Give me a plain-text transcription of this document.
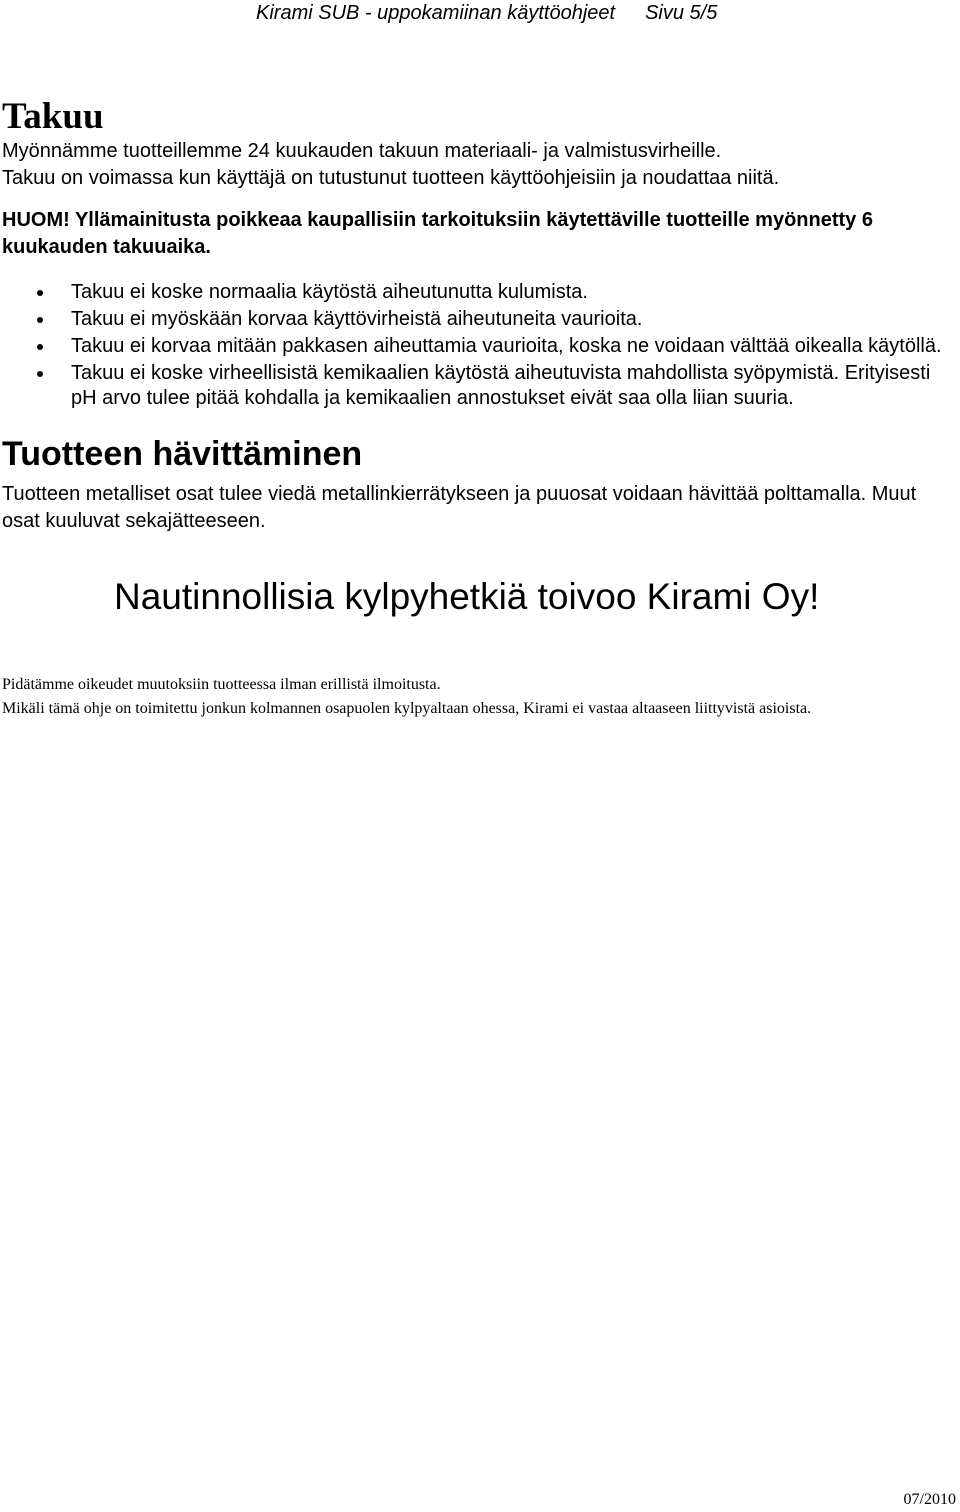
Kirami SUB - uppokamiinan käyttöohjeet Sivu 5/5
Takuu

Myönnämme tuotteillemme 24 kuukauden takuun materiaali- ja valmistusvirheille.

Takuu on voimassa kun käyttäjä on tutustunut tuotteen käyttöohjeisiin ja noudattaa niitä.

HUOM! Yllämainitusta poikkeaa kaupallisiin tarkoituksiin käytettäville tuotteille myönnetty 6 kuukauden takuuaika.

Takuu ei koske normaalia käytöstä aiheutunutta kulumista.
Takuu ei myöskään korvaa käyttövirheistä aiheutuneita vaurioita.
Takuu ei korvaa mitään pakkasen aiheuttamia vaurioita, koska ne voidaan välttää oikealla käytöllä.
Takuu ei koske virheellisistä kemikaalien käytöstä aiheutuvista mahdollista syöpymistä. Erityisesti pH arvo tulee pitää kohdalla ja kemikaalien annostukset eivät saa olla liian suuria.
Tuotteen hävittäminen

Tuotteen metalliset osat tulee viedä metallinkierrätykseen ja puuosat voidaan hävittää polttamalla. Muut osat kuuluvat sekajätteeseen.

Nautinnollisia kylpyhetkiä toivoo Kirami Oy!

Pidätämme oikeudet muutoksiin tuotteessa ilman erillistä ilmoitusta.

Mikäli tämä ohje on toimitettu jonkun kolmannen osapuolen kylpyaltaan ohessa, Kirami ei vastaa altaaseen liittyvistä asioista.

07/2010
